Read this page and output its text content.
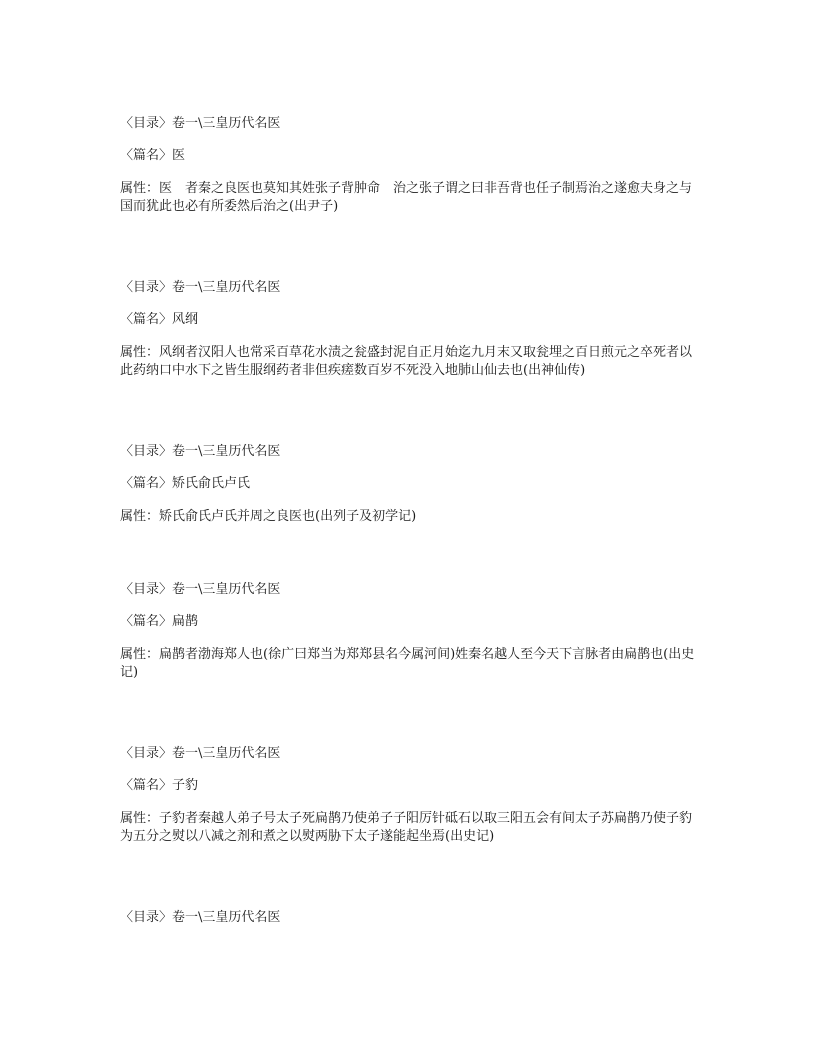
〈目录〉卷一\三皇历代名医

〈篇名〉医

属性：医　者秦之良医也莫知其姓张子背肿命　治之张子谓之曰非吾背也任子制焉治之遂愈夫身之与国而犹此也必有所委然后治之(出尹子)

〈目录〉卷一\三皇历代名医

〈篇名〉风纲

属性：风纲者汉阳人也常采百草花水渍之瓮盛封泥自正月始迄九月末又取瓮埋之百日煎元之卒死者以此药纳口中水下之皆生服纲药者非但疾瘥数百岁不死没入地肺山仙去也(出神仙传)

〈目录〉卷一\三皇历代名医

〈篇名〉矫氏俞氏卢氏

属性：矫氏俞氏卢氏并周之良医也(出列子及初学记)

〈目录〉卷一\三皇历代名医

〈篇名〉扁鹊

属性：扁鹊者渤海郑人也(徐广曰郑当为郑郑县名今属河间)姓秦名越人至今天下言脉者由扁鹊也(出史记)

〈目录〉卷一\三皇历代名医

〈篇名〉子豹

属性：子豹者秦越人弟子号太子死扁鹊乃使弟子子阳厉针砥石以取三阳五会有间太子苏扁鹊乃使子豹为五分之熨以八减之剂和煮之以熨两胁下太子遂能起坐焉(出史记)

〈目录〉卷一\三皇历代名医
